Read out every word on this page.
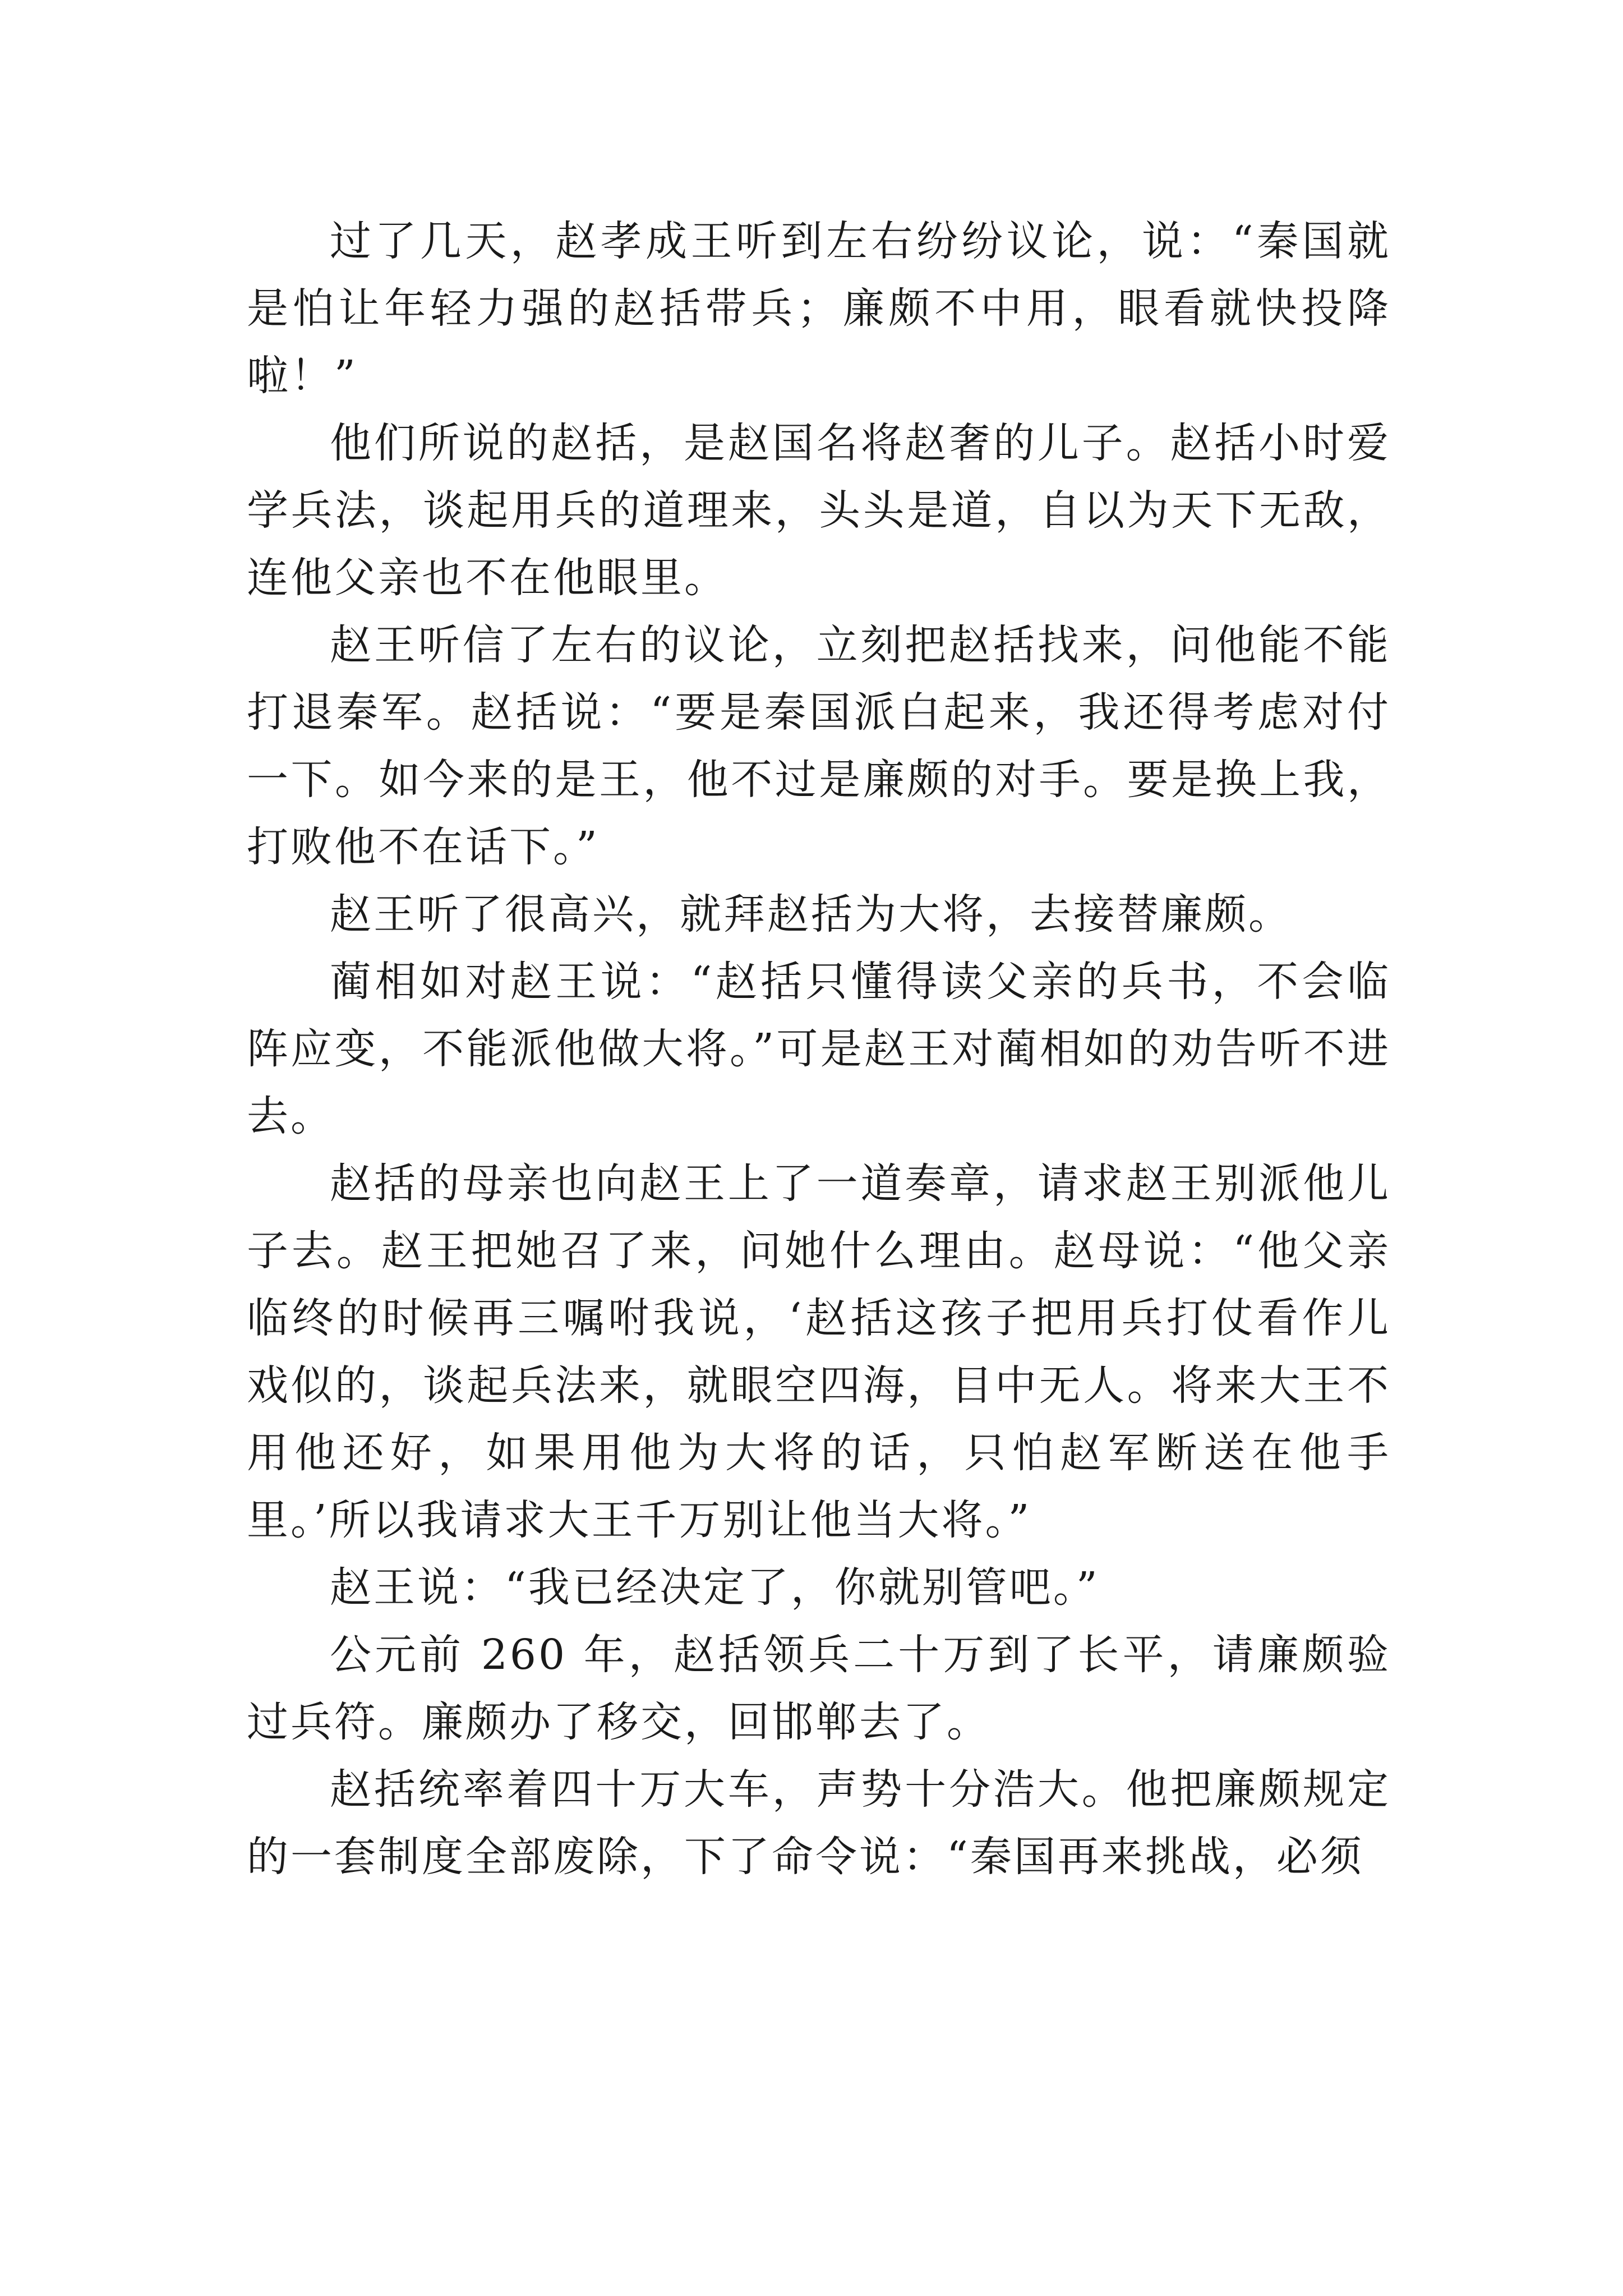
过了几天，赵孝成王听到左右纷纷议论，说：“秦国就是怕让年轻力强的赵括带兵；廉颇不中用，眼看就快投降啦！”

他们所说的赵括，是赵国名将赵奢的儿子。赵括小时爱学兵法，谈起用兵的道理来，头头是道，自以为天下无敌，连他父亲也不在他眼里。

赵王听信了左右的议论，立刻把赵括找来，问他能不能打退秦军。赵括说：“要是秦国派白起来，我还得考虑对付一下。如今来的是王，他不过是廉颇的对手。要是换上我，打败他不在话下。”

赵王听了很高兴，就拜赵括为大将，去接替廉颇。

蔺相如对赵王说：“赵括只懂得读父亲的兵书，不会临阵应变，不能派他做大将。”可是赵王对蔺相如的劝告听不进去。

赵括的母亲也向赵王上了一道奏章，请求赵王别派他儿子去。赵王把她召了来，问她什么理由。赵母说：“他父亲临终的时候再三嘱咐我说，‘赵括这孩子把用兵打仗看作儿戏似的，谈起兵法来，就眼空四海，目中无人。将来大王不用他还好，如果用他为大将的话，只怕赵军断送在他手里。’所以我请求大王千万别让他当大将。”

赵王说：“我已经决定了，你就别管吧。”

公元前 260 年，赵括领兵二十万到了长平，请廉颇验过兵符。廉颇办了移交，回邯郸去了。

赵括统率着四十万大车，声势十分浩大。他把廉颇规定的一套制度全部废除，下了命令说：“秦国再来挑战，必须
